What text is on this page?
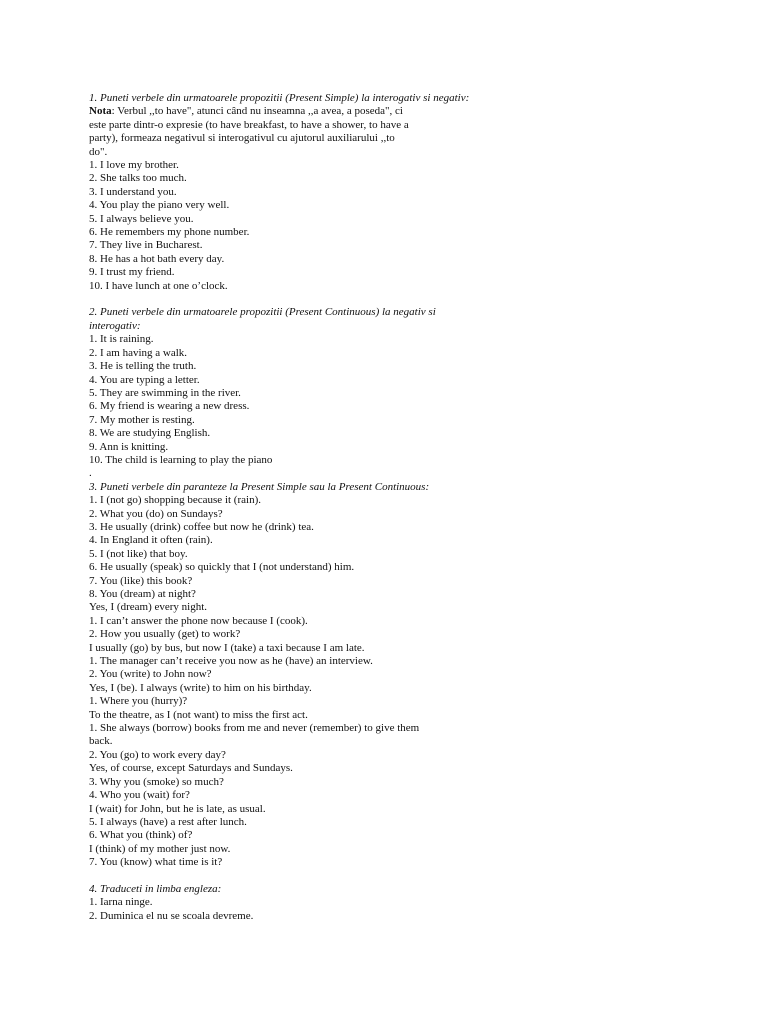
1. Puneti verbele din urmatoarele propozitii (Present Simple) la interogativ si negativ:
Nota: Verbul ,,to have", atunci când nu inseamna ,,a avea, a poseda", ci
este parte dintr-o expresie (to have breakfast, to have a shower, to have a
party), formeaza negativul si interogativul cu ajutorul auxiliarului ,,to
do".
1. I love my brother.
2. She talks too much.
3. I understand you.
4. You play the piano very well.
5. I always believe you.
6. He remembers my phone number.
7. They live in Bucharest.
8. He has a hot bath every day.
9. I trust my friend.
10. I have lunch at one o’clock.
2. Puneti verbele din urmatoarele propozitii (Present Continuous) la negativ si
interogativ:
1. It is raining.
2. I am having a walk.
3. He is telling the truth.
4. You are typing a letter.
5. They are swimming in the river.
6. My friend is wearing a new dress.
7. My mother is resting.
8. We are studying English.
9. Ann is knitting.
10. The child is learning to play the piano
.
3. Puneti verbele din paranteze la Present Simple sau la Present Continuous:
1. I (not go) shopping because it (rain).
2. What you (do) on Sundays?
3. He usually (drink) coffee but now he (drink) tea.
4. In England it often (rain).
5. I (not like) that boy.
6. He usually (speak) so quickly that I (not understand) him.
7. You (like) this book?
8. You (dream) at night?
Yes, I (dream) every night.
1. I can’t answer the phone now because I (cook).
2. How you usually (get) to work?
I usually (go) by bus, but now I (take) a taxi because I am late.
1. The manager can’t receive you now as he (have) an interview.
2. You (write) to John now?
Yes, I (be). I always (write) to him on his birthday.
1. Where you (hurry)?
To the theatre, as I (not want) to miss the first act.
1. She always (borrow) books from me and never (remember) to give them
back.
2. You (go) to work every day?
Yes, of course, except Saturdays and Sundays.
3. Why you (smoke) so much?
4. Who you (wait) for?
I (wait) for John, but he is late, as usual.
5. I always (have) a rest after lunch.
6. What you (think) of?
I (think) of my mother just now.
7. You (know) what time is it?
4. Traduceti in limba engleza:
1. Iarna ninge.
2. Duminica el nu se scoala devreme.
